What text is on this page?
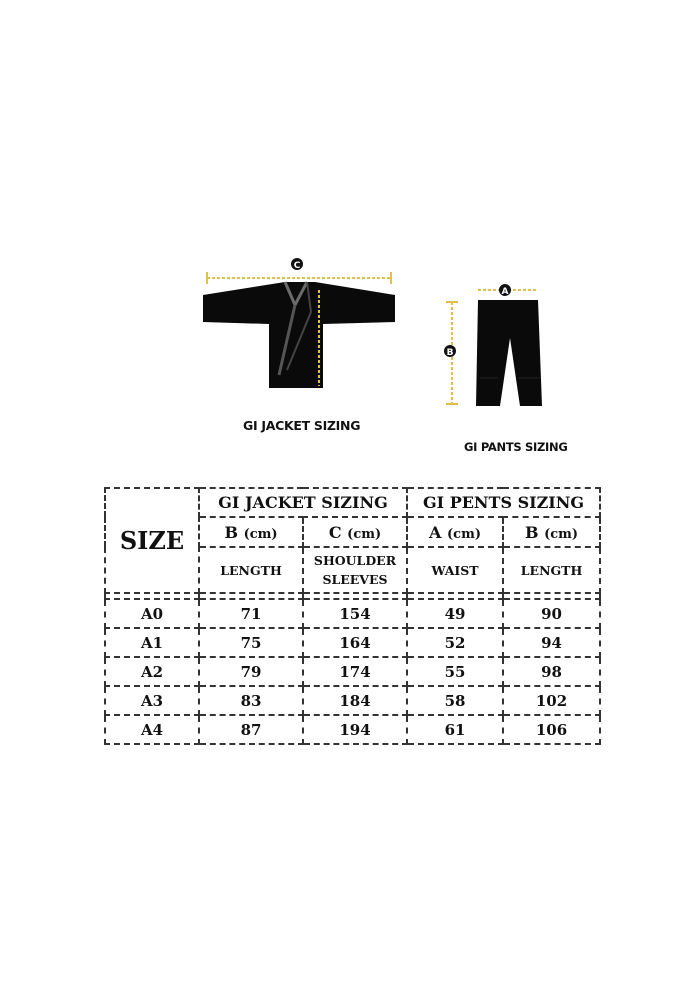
C
B
A
B
GI JACKET SIZING
GI PANTS SIZING
SIZE	GI JACKET SIZING		GI PENTS SIZING	
	B (cm)	C (cm)	A (cm)	B (cm)
	LENGTH	SHOULDER SLEEVES	WAIST	LENGTH

A0	71	154	49	90
A1	75	164	52	94
A2	79	174	55	98
A3	83	184	58	102
A4	87	194	61	106
